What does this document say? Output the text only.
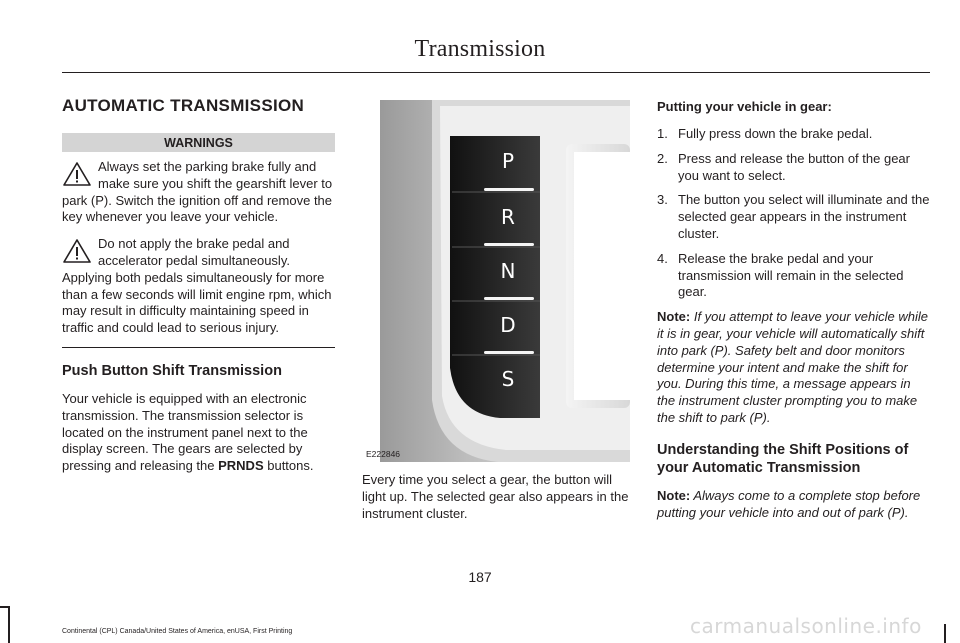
Transmission
AUTOMATIC TRANSMISSION
WARNINGS
Always set the parking brake fully and make sure you shift the gearshift lever to park (P). Switch the ignition off and remove the key whenever you leave your vehicle.
Do not apply the brake pedal and accelerator pedal simultaneously. Applying both pedals simultaneously for more than a few seconds will limit engine rpm, which may result in difficulty maintaining speed in traffic and could lead to serious injury.
Push Button Shift Transmission

Your vehicle is equipped with an electronic transmission. The transmission selector is located on the instrument panel next to the display screen. The gears are selected by pressing and releasing the PRNDS buttons.

P
R
N
D
S
E222846

Every time you select a gear, the button will light up. The selected gear also appears in the instrument cluster.

Putting your vehicle in gear:
1. Fully press down the brake pedal.
2. Press and release the button of the gear you want to select.
3. The button you select will illuminate and the selected gear appears in the instrument cluster.
4. Release the brake pedal and your transmission will remain in the selected gear.

Note: If you attempt to leave your vehicle while it is in gear, your vehicle will automatically shift into park (P). Safety belt and door monitors determine your intent and make the shift for you. During this time, a message appears in the instrument cluster prompting you to make the shift to park (P).

Understanding the Shift Positions of your Automatic Transmission

Note: Always come to a complete stop before putting your vehicle into and out of park (P).

187
Continental (CPL) Canada/United States of America, enUSA, First Printing	carmanualsonline.info
